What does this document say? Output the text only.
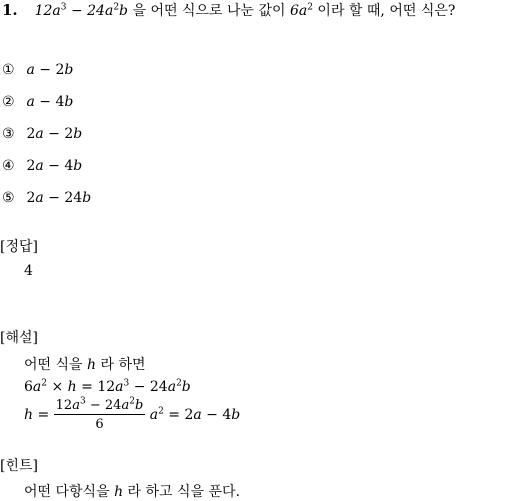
1. $12a^3 - 24a^2b$ 을 어떤 식으로 나눈 값이 $6a^2$ 이라 할 때, 어떤 식은?
① a − 2b
② a − 4b
③ 2a − 2b
④ 2a − 4b
⑤ 2a − 24b
[정답]
4
[해설]
어떤 식을 h 라 하면
$6a^2 \times h = 12a^3 - 24a^2b$
$h = \frac{12a^3 - 24a^2b}{6} a^2 = 2a - 4b$
[힌트]
어떤 다항식을 h 라 하고 식을 푼다.
